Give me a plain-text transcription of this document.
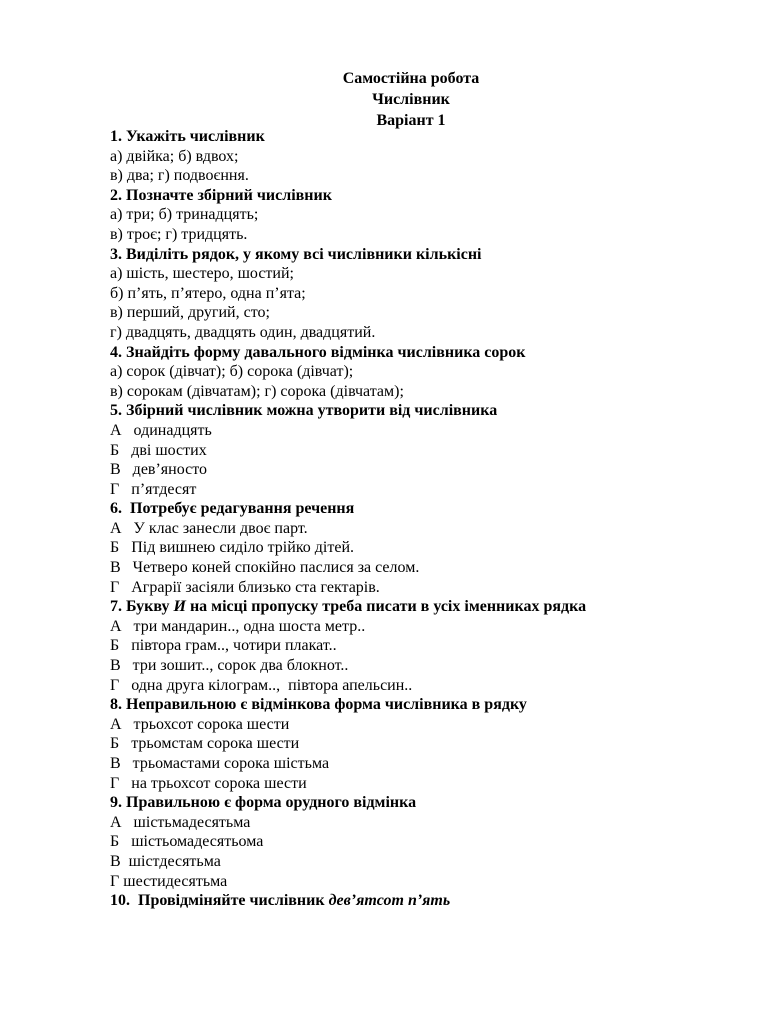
Самостійна робота
Числівник
Варіант 1
1. Укажіть числівник
а) двійка; б) вдвох;
в) два; г) подвоєння.
2. Позначте збірний числівник
а) три; б) тринадцять;
в) троє; г) тридцять.
3. Виділіть рядок, у якому всі числівники кількісні
а) шість, шестеро, шостий;
б) п’ять, п’ятеро, одна п’ята;
в) перший, другий, сто;
г) двадцять, двадцять один, двадцятий.
4. Знайдіть форму давального відмінка числівника сорок
а) сорок (дівчат); б) сорока (дівчат);
в) сорокам (дівчатам); г) сорока (дівчатам);
5. Збірний числівник можна утворити від числівника
А   одинадцять
Б   дві шостих
В   дев’яносто
Г   п’ятдесят
6.  Потребує редагування речення
А   У клас занесли двоє парт.
Б   Під вишнею сиділо трійко дітей.
В   Четверо коней спокійно паслися за селом.
Г   Аграрії засіяли близько ста гектарів.
7. Букву И на місці пропуску треба писати в усіх іменниках рядка
А   три мандарин.., одна шоста метр..
Б   півтора грам.., чотири плакат..
В   три зошит.., сорок два блокнот..
Г   одна друга кілограм..,  півтора апельсин..
8. Неправильною є відмінкова форма числівника в рядку
А   трьохсот сорока шести
Б   трьомстам сорока шести
В   трьомастами сорока шістьма
Г   на трьохсот сорока шести
9. Правильною є форма орудного відмінка
А   шістьмадесятьма
Б   шістьомадесятьома
В  шістдесятьма
Г шестидесятьма
10.  Провідміняйте числівник дев’ятсот п’ять
